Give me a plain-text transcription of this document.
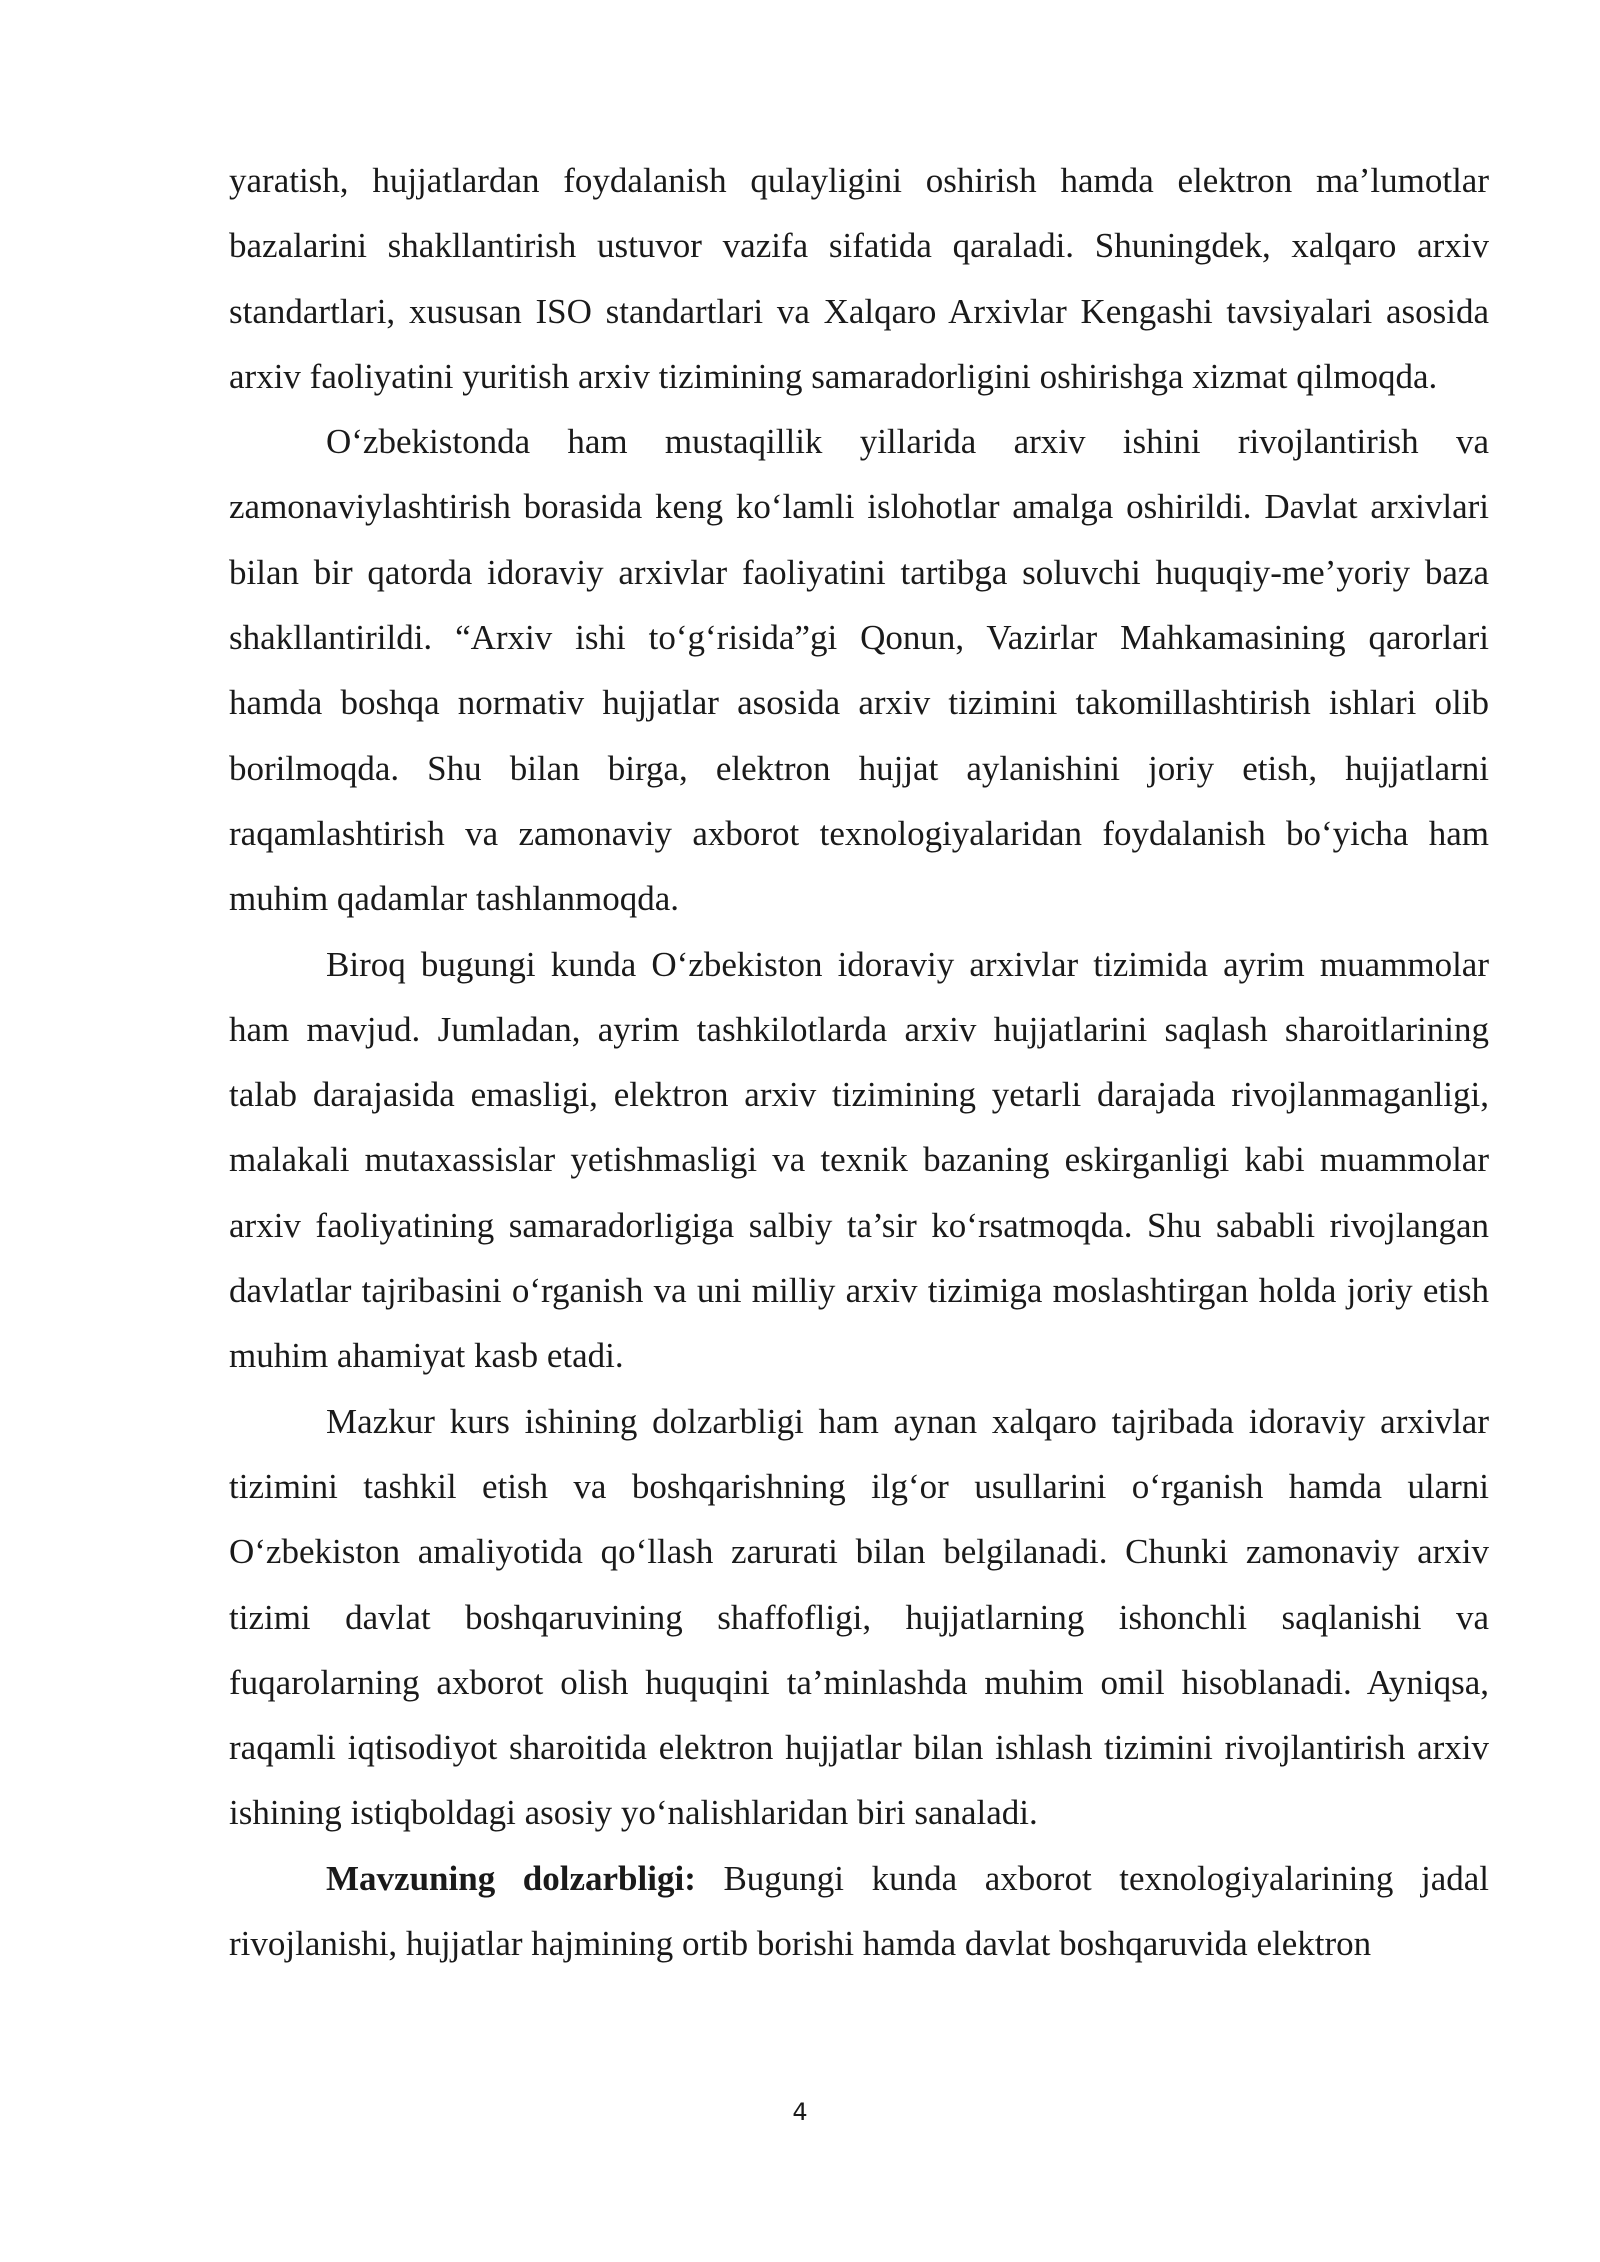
yaratish, hujjatlardan foydalanish qulayligini oshirish hamda elektron ma’lumotlar bazalarini shakllantirish ustuvor vazifa sifatida qaraladi. Shuningdek, xalqaro arxiv standartlari, xususan ISO standartlari va Xalqaro Arxivlar Kengashi tavsiyalari asosida arxiv faoliyatini yuritish arxiv tizimining samaradorligini oshirishga xizmat qilmoqda.

O‘zbekistonda ham mustaqillik yillarida arxiv ishini rivojlantirish va zamonaviylashtirish borasida keng ko‘lamli islohotlar amalga oshirildi. Davlat arxivlari bilan bir qatorda idoraviy arxivlar faoliyatini tartibga soluvchi huquqiy-me’yoriy baza shakllantirildi. “Arxiv ishi to‘g‘risida”gi Qonun, Vazirlar Mahkamasining qarorlari hamda boshqa normativ hujjatlar asosida arxiv tizimini takomillashtirish ishlari olib borilmoqda. Shu bilan birga, elektron hujjat aylanishini joriy etish, hujjatlarni raqamlashtirish va zamonaviy axborot texnologiyalaridan foydalanish bo‘yicha ham muhim qadamlar tashlanmoqda.

Biroq bugungi kunda O‘zbekiston idoraviy arxivlar tizimida ayrim muammolar ham mavjud. Jumladan, ayrim tashkilotlarda arxiv hujjatlarini saqlash sharoitlarining talab darajasida emasligi, elektron arxiv tizimining yetarli darajada rivojlanmaganligi, malakali mutaxassislar yetishmasligi va texnik bazaning eskirganligi kabi muammolar arxiv faoliyatining samaradorligiga salbiy ta’sir ko‘rsatmoqda. Shu sababli rivojlangan davlatlar tajribasini o‘rganish va uni milliy arxiv tizimiga moslashtirgan holda joriy etish muhim ahamiyat kasb etadi.

Mazkur kurs ishining dolzarbligi ham aynan xalqaro tajribada idoraviy arxivlar tizimini tashkil etish va boshqarishning ilg‘or usullarini o‘rganish hamda ularni O‘zbekiston amaliyotida qo‘llash zarurati bilan belgilanadi. Chunki zamonaviy arxiv tizimi davlat boshqaruvining shaffofligi, hujjatlarning ishonchli saqlanishi va fuqarolarning axborot olish huquqini ta’minlashda muhim omil hisoblanadi. Ayniqsa, raqamli iqtisodiyot sharoitida elektron hujjatlar bilan ishlash tizimini rivojlantirish arxiv ishining istiqboldagi asosiy yo‘nalishlaridan biri sanaladi.

Mavzuning dolzarbligi: Bugungi kunda axborot texnologiyalarining jadal rivojlanishi, hujjatlar hajmining ortib borishi hamda davlat boshqaruvida elektron

4
